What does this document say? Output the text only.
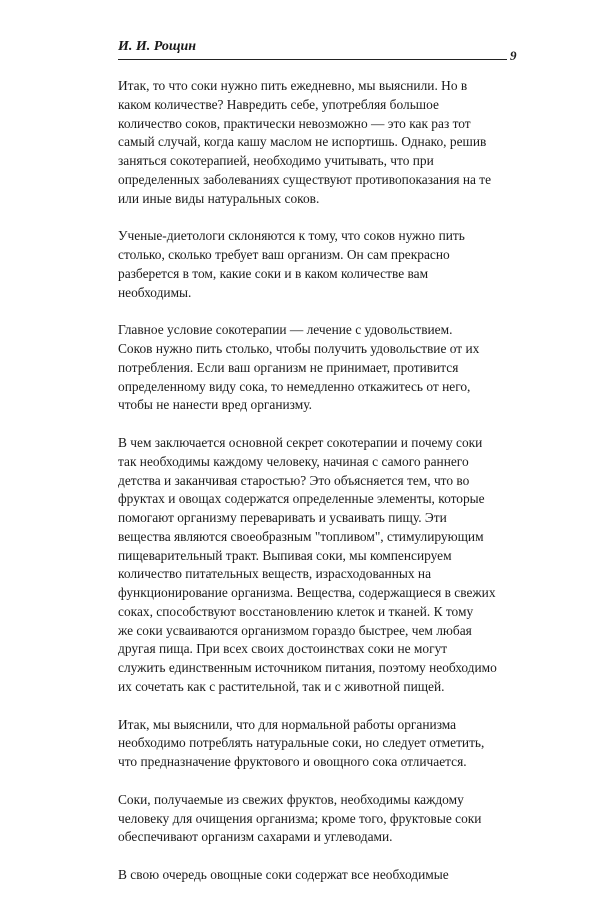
И. И. Рощин
9

Итак, то что соки нужно пить ежедневно, мы выяснили. Но в
каком количестве? Навредить себе, употребляя большое
количество соков, практически невозможно — это как раз тот
самый случай, когда кашу маслом не испортишь. Однако, решив
заняться сокотерапией, необходимо учитывать, что при
определенных заболеваниях существуют противопоказания на те
или иные виды натуральных соков.

Ученые-диетологи склоняются к тому, что соков нужно пить
столько, сколько требует ваш организм. Он сам прекрасно
разберется в том, какие соки и в каком количестве вам
необходимы.

Главное условие сокотерапии — лечение с удовольствием.
Соков нужно пить столько, чтобы получить удовольствие от их
потребления. Если ваш организм не принимает, противится
определенному виду сока, то немедленно откажитесь от него,
чтобы не нанести вред организму.

В чем заключается основной секрет сокотерапии и почему соки
так необходимы каждому человеку, начиная с самого раннего
детства и заканчивая старостью? Это объясняется тем, что во
фруктах и овощах содержатся определенные элементы, которые
помогают организму переваривать и усваивать пищу. Эти
вещества являются своеобразным "топливом", стимулирующим
пищеварительный тракт. Выпивая соки, мы компенсируем
количество питательных веществ, израсходованных на
функционирование организма. Вещества, содержащиеся в свежих
соках, способствуют восстановлению клеток и тканей. К тому
же соки усваиваются организмом гораздо быстрее, чем любая
другая пища. При всех своих достоинствах соки не могут
служить единственным источником питания, поэтому необходимо
их сочетать как с растительной, так и с животной пищей.

Итак, мы выяснили, что для нормальной работы организма
необходимо потреблять натуральные соки, но следует отметить,
что предназначение фруктового и овощного сока отличается.

Соки, получаемые из свежих фруктов, необходимы каждому
человеку для очищения организма; кроме того, фруктовые соки
обеспечивают организм сахарами и углеводами.

В свою очередь овощные соки содержат все необходимые
